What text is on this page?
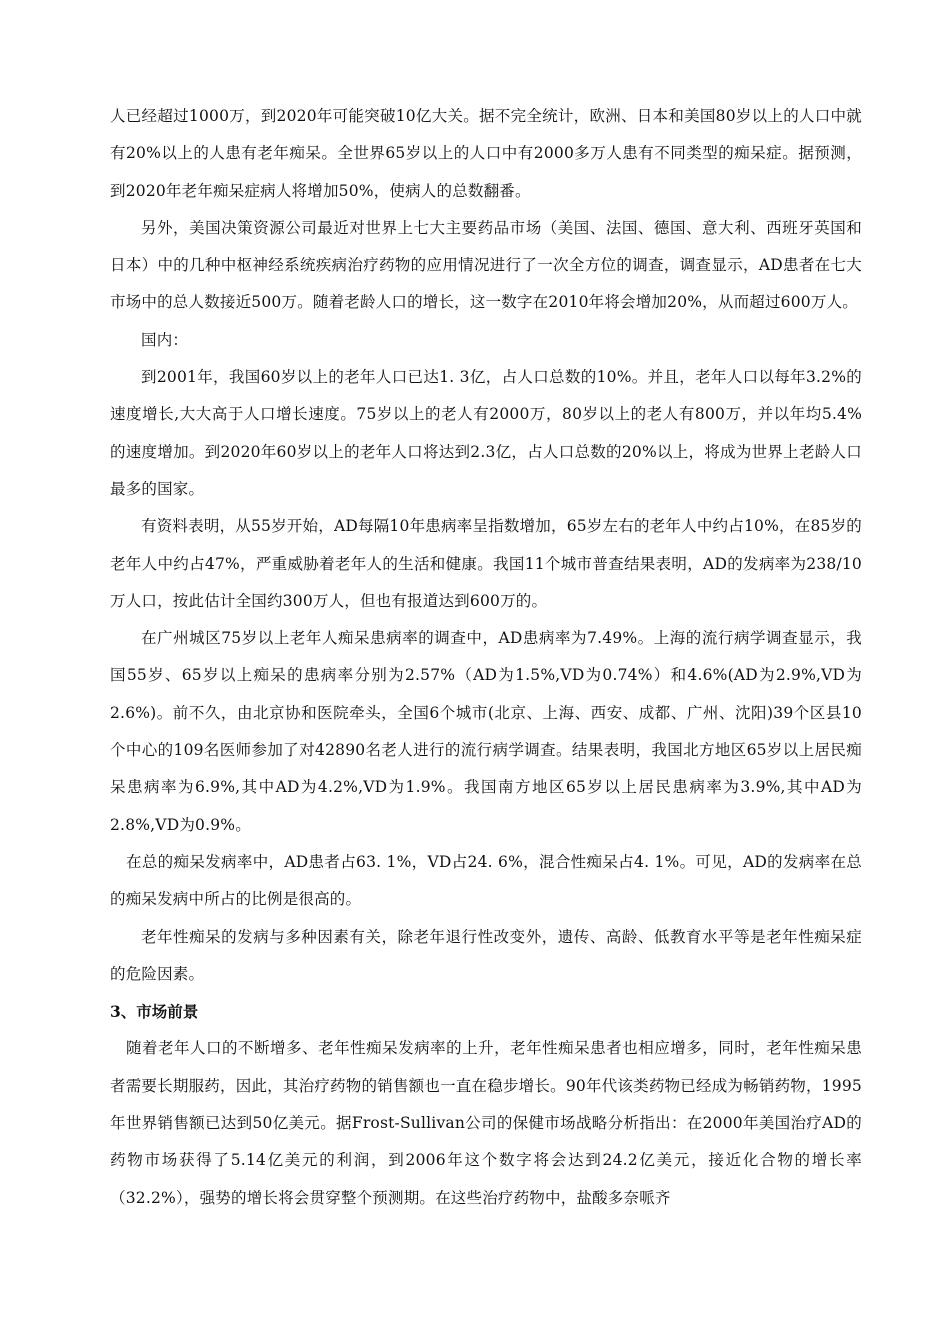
人已经超过1000万，到2020年可能突破10亿大关。据不完全统计，欧洲、日本和美国80岁以上的人口中就有20%以上的人患有老年痴呆。全世界65岁以上的人口中有2000多万人患有不同类型的痴呆症。据预测，到2020年老年痴呆症病人将增加50%，使病人的总数翻番。

另外，美国决策资源公司最近对世界上七大主要药品市场（美国、法国、德国、意大利、西班牙英国和日本）中的几种中枢神经系统疾病治疗药物的应用情况进行了一次全方位的调查，调查显示，AD患者在七大市场中的总人数接近500万。随着老龄人口的增长，这一数字在2010年将会增加20%，从而超过600万人。

国内：

到2001年，我国60岁以上的老年人口已达1. 3亿，占人口总数的10%。并且，老年人口以每年3.2%的速度增长,大大高于人口增长速度。75岁以上的老人有2000万，80岁以上的老人有800万，并以年均5.4%的速度增加。到2020年60岁以上的老年人口将达到2.3亿，占人口总数的20%以上，将成为世界上老龄人口最多的国家。

有资料表明，从55岁开始，AD每隔10年患病率呈指数增加，65岁左右的老年人中约占10%，在85岁的老年人中约占47%，严重威胁着老年人的生活和健康。我国11个城市普查结果表明，AD的发病率为238/10万人口，按此估计全国约300万人，但也有报道达到600万的。

在广州城区75岁以上老年人痴呆患病率的调查中，AD患病率为7.49%。上海的流行病学调查显示，我国55岁、65岁以上痴呆的患病率分别为2.57%（AD为1.5%,VD为0.74%）和4.6%(AD为2.9%,VD为2.6%)。前不久，由北京协和医院牵头，全国6个城市(北京、上海、西安、成都、广州、沈阳)39个区县10个中心的109名医师参加了对42890名老人进行的流行病学调查。结果表明，我国北方地区65岁以上居民痴呆患病率为6.9%,其中AD为4.2%,VD为1.9%。我国南方地区65岁以上居民患病率为3.9%,其中AD为2.8%,VD为0.9%。

在总的痴呆发病率中，AD患者占63. 1%，VD占24. 6%，混合性痴呆占4. 1%。可见，AD的发病率在总的痴呆发病中所占的比例是很高的。

老年性痴呆的发病与多种因素有关，除老年退行性改变外，遗传、高龄、低教育水平等是老年性痴呆症的危险因素。

3、市场前景

随着老年人口的不断增多、老年性痴呆发病率的上升，老年性痴呆患者也相应增多，同时，老年性痴呆患者需要长期服药，因此，其治疗药物的销售额也一直在稳步增长。90年代该类药物已经成为畅销药物，1995年世界销售额已达到50亿美元。据Frost-Sullivan公司的保健市场战略分析指出：在2000年美国治疗AD的药物市场获得了5.14亿美元的利润，到2006年这个数字将会达到24.2亿美元，接近化合物的增长率（32.2%），强势的增长将会贯穿整个预测期。在这些治疗药物中，盐酸多奈哌齐
